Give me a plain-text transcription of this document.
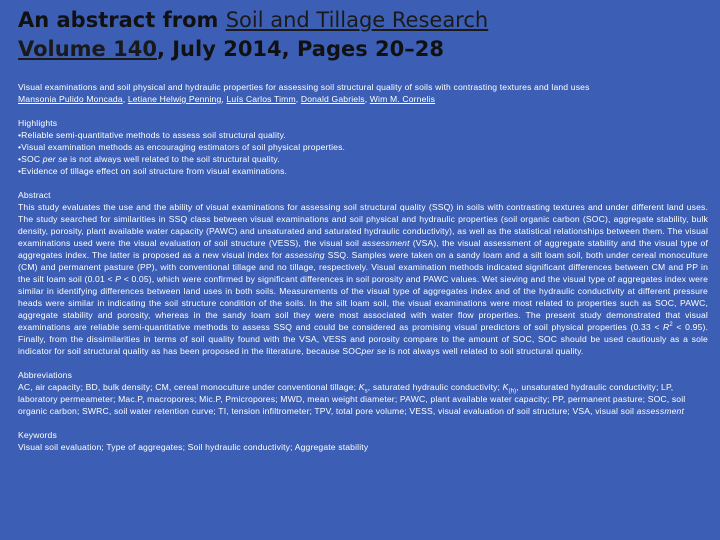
An abstract from Soil and Tillage Research
Volume 140, July 2014, Pages 20–28

Visual examinations and soil physical and hydraulic properties for assessing soil structural quality of soils with contrasting textures and land uses

Mansonia Pulido Moncada, Letiane Helwig Penning, Luís Carlos Timm, Donald Gabriels, Wim M. Cornelis

Highlights

•Reliable semi-quantitative methods to assess soil structural quality.

•Visual examination methods as encouraging estimators of soil physical properties.

•SOC per se is not always well related to the soil structural quality.

•Evidence of tillage effect on soil structure from visual examinations.

Abstract

This study evaluates the use and the ability of visual examinations for assessing soil structural quality (SSQ) in soils with contrasting textures and under different land uses. The study searched for similarities in SSQ class between visual examinations and soil physical and hydraulic properties (soil organic carbon (SOC), aggregate stability, bulk density, porosity, plant available water capacity (PAWC) and unsaturated and saturated hydraulic conductivity), as well as the statistical relationships between them. The visual examinations used were the visual evaluation of soil structure (VESS), the visual soil assessment (VSA), the visual assessment of aggregate stability and the visual type of aggregates index. The latter is proposed as a new visual index for assessing SSQ. Samples were taken on a sandy loam and a silt loam soil, both under cereal monoculture (CM) and permanent pasture (PP), with conventional tillage and no tillage, respectively. Visual examination methods indicated significant differences between CM and PP in the silt loam soil (0.01 < P < 0.05), which were confirmed by significant differences in soil porosity and PAWC values. Wet sieving and the visual type of aggregates index were similar in identifying differences between land uses in both soils. Measurements of the visual type of aggregates index and of the hydraulic conductivity at different pressure heads were similar in indicating the soil structure condition of the soils. In the silt loam soil, the visual examinations were most related to properties such as SOC, PAWC, aggregate stability and porosity, whereas in the sandy loam soil they were most associated with water flow properties. The present study demonstrated that visual examinations are reliable semi-quantitative methods to assess SSQ and could be considered as promising visual predictors of soil physical properties $(0.33 < R^2 < 0.95)$. Finally, from the dissimilarities in terms of soil quality found with the VSA, VESS and porosity compare to the amount of SOC, SOC should be used cautiously as a sole indicator for soil structural quality as has been proposed in the literature, because SOCper se is not always well related to soil structural quality.

Abbreviations

AC, air capacity; BD, bulk density; CM, cereal monoculture under conventional tillage; $K_s$, saturated hydraulic conductivity; $K_{(h)}$, unsaturated hydraulic conductivity; LP, laboratory permeameter; Mac.P, macropores; Mic.P, Pmicropores; MWD, mean weight diameter; PAWC, plant available water capacity; PP, permanent pasture; SOC, soil organic carbon; SWRC, soil water retention curve; TI, tension infiltrometer; TPV, total pore volume; VESS, visual evaluation of soil structure; VSA, visual soil assessment

Keywords

Visual soil evaluation; Type of aggregates; Soil hydraulic conductivity; Aggregate stability
